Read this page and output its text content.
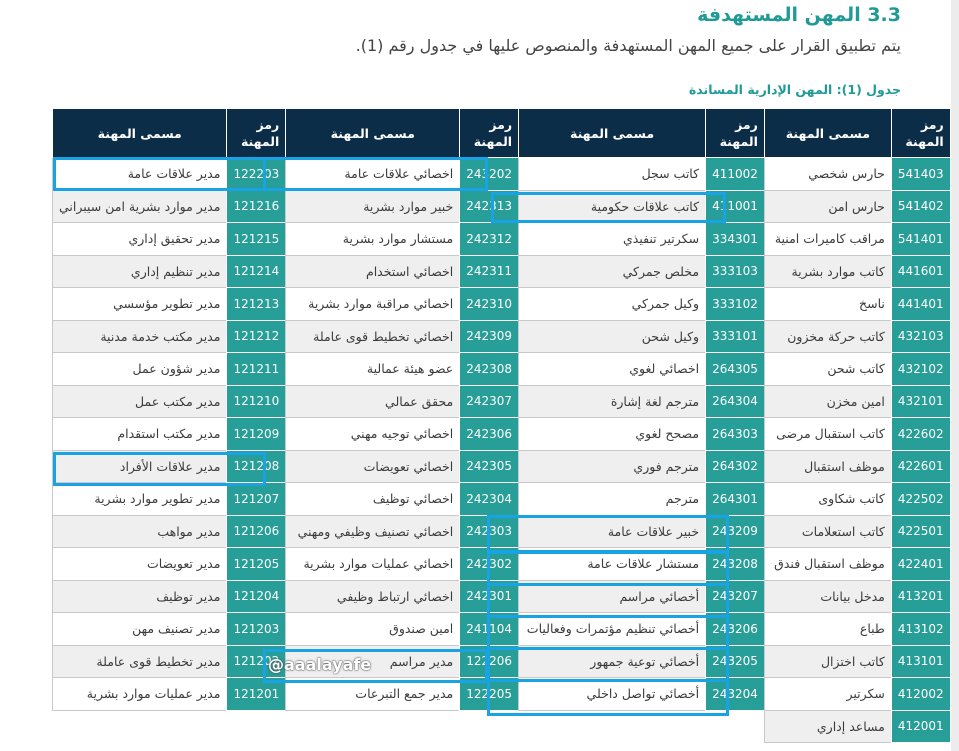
3.3 المهن المستهدفة
يتم تطبيق القرار على جميع المهن المستهدفة والمنصوص عليها في جدول رقم (1).
جدول (1): المهن الإدارية المساندة
رمز المهنة	مسمى المهنة	رمز المهنة	مسمى المهنة	رمز المهنة	مسمى المهنة	رمز المهنة	مسمى المهنة
541403	حارس شخصي	411002	كاتب سجل	243202	اخصائي علاقات عامة	122203	مدير علاقات عامة
541402	حارس امن	411001	كاتب علاقات حكومية	242313	خبير موارد بشرية	121216	مدير موارد بشرية امن سيبراني
541401	مراقب كاميرات امنية	334301	سكرتير تنفيذي	242312	مستشار موارد بشرية	121215	مدير تحقيق إداري
441601	كاتب موارد بشرية	333103	مخلص جمركي	242311	اخصائي استخدام	121214	مدير تنظيم إداري
441401	ناسخ	333102	وكيل جمركي	242310	اخصائي مراقبة موارد بشرية	121213	مدير تطوير مؤسسي
432103	كاتب حركة مخزون	333101	وكيل شحن	242309	اخصائي تخطيط قوى عاملة	121212	مدير مكتب خدمة مدنية
432102	كاتب شحن	264305	اخصائي لغوي	242308	عضو هيئة عمالية	121211	مدير شؤون عمل
432101	امين مخزن	264304	مترجم لغة إشارة	242307	محقق عمالي	121210	مدير مكتب عمل
422602	كاتب استقبال مرضى	264303	مصحح لغوي	242306	اخصائي توجيه مهني	121209	مدير مكتب استقدام
422601	موظف استقبال	264302	مترجم فوري	242305	اخصائي تعويضات	121208	مدير علاقات الأفراد
422502	كاتب شكاوى	264301	مترجم	242304	اخصائي توظيف	121207	مدير تطوير موارد بشرية
422501	كاتب استعلامات	243209	خبير علاقات عامة	242303	اخصائي تصنيف وظيفي ومهني	121206	مدير مواهب
422401	موظف استقبال فندق	243208	مستشار علاقات عامة	242302	اخصائي عمليات موارد بشرية	121205	مدير تعويضات
413201	مدخل بيانات	243207	أخصائي مراسم	242301	اخصائي ارتباط وظيفي	121204	مدير توظيف
413102	طباع	243206	أخصائي تنظيم مؤتمرات وفعاليات	241104	امين صندوق	121203	مدير تصنيف مهن
413101	كاتب اختزال	243205	أخصائي توعية جمهور	122206	مدير مراسم	121202	مدير تخطيط قوى عاملة
412002	سكرتير	243204	أخصائي تواصل داخلي	122205	مدير جمع التبرعات	121201	مدير عمليات موارد بشرية
412001	مساعد إداري						
@aaalayafe
